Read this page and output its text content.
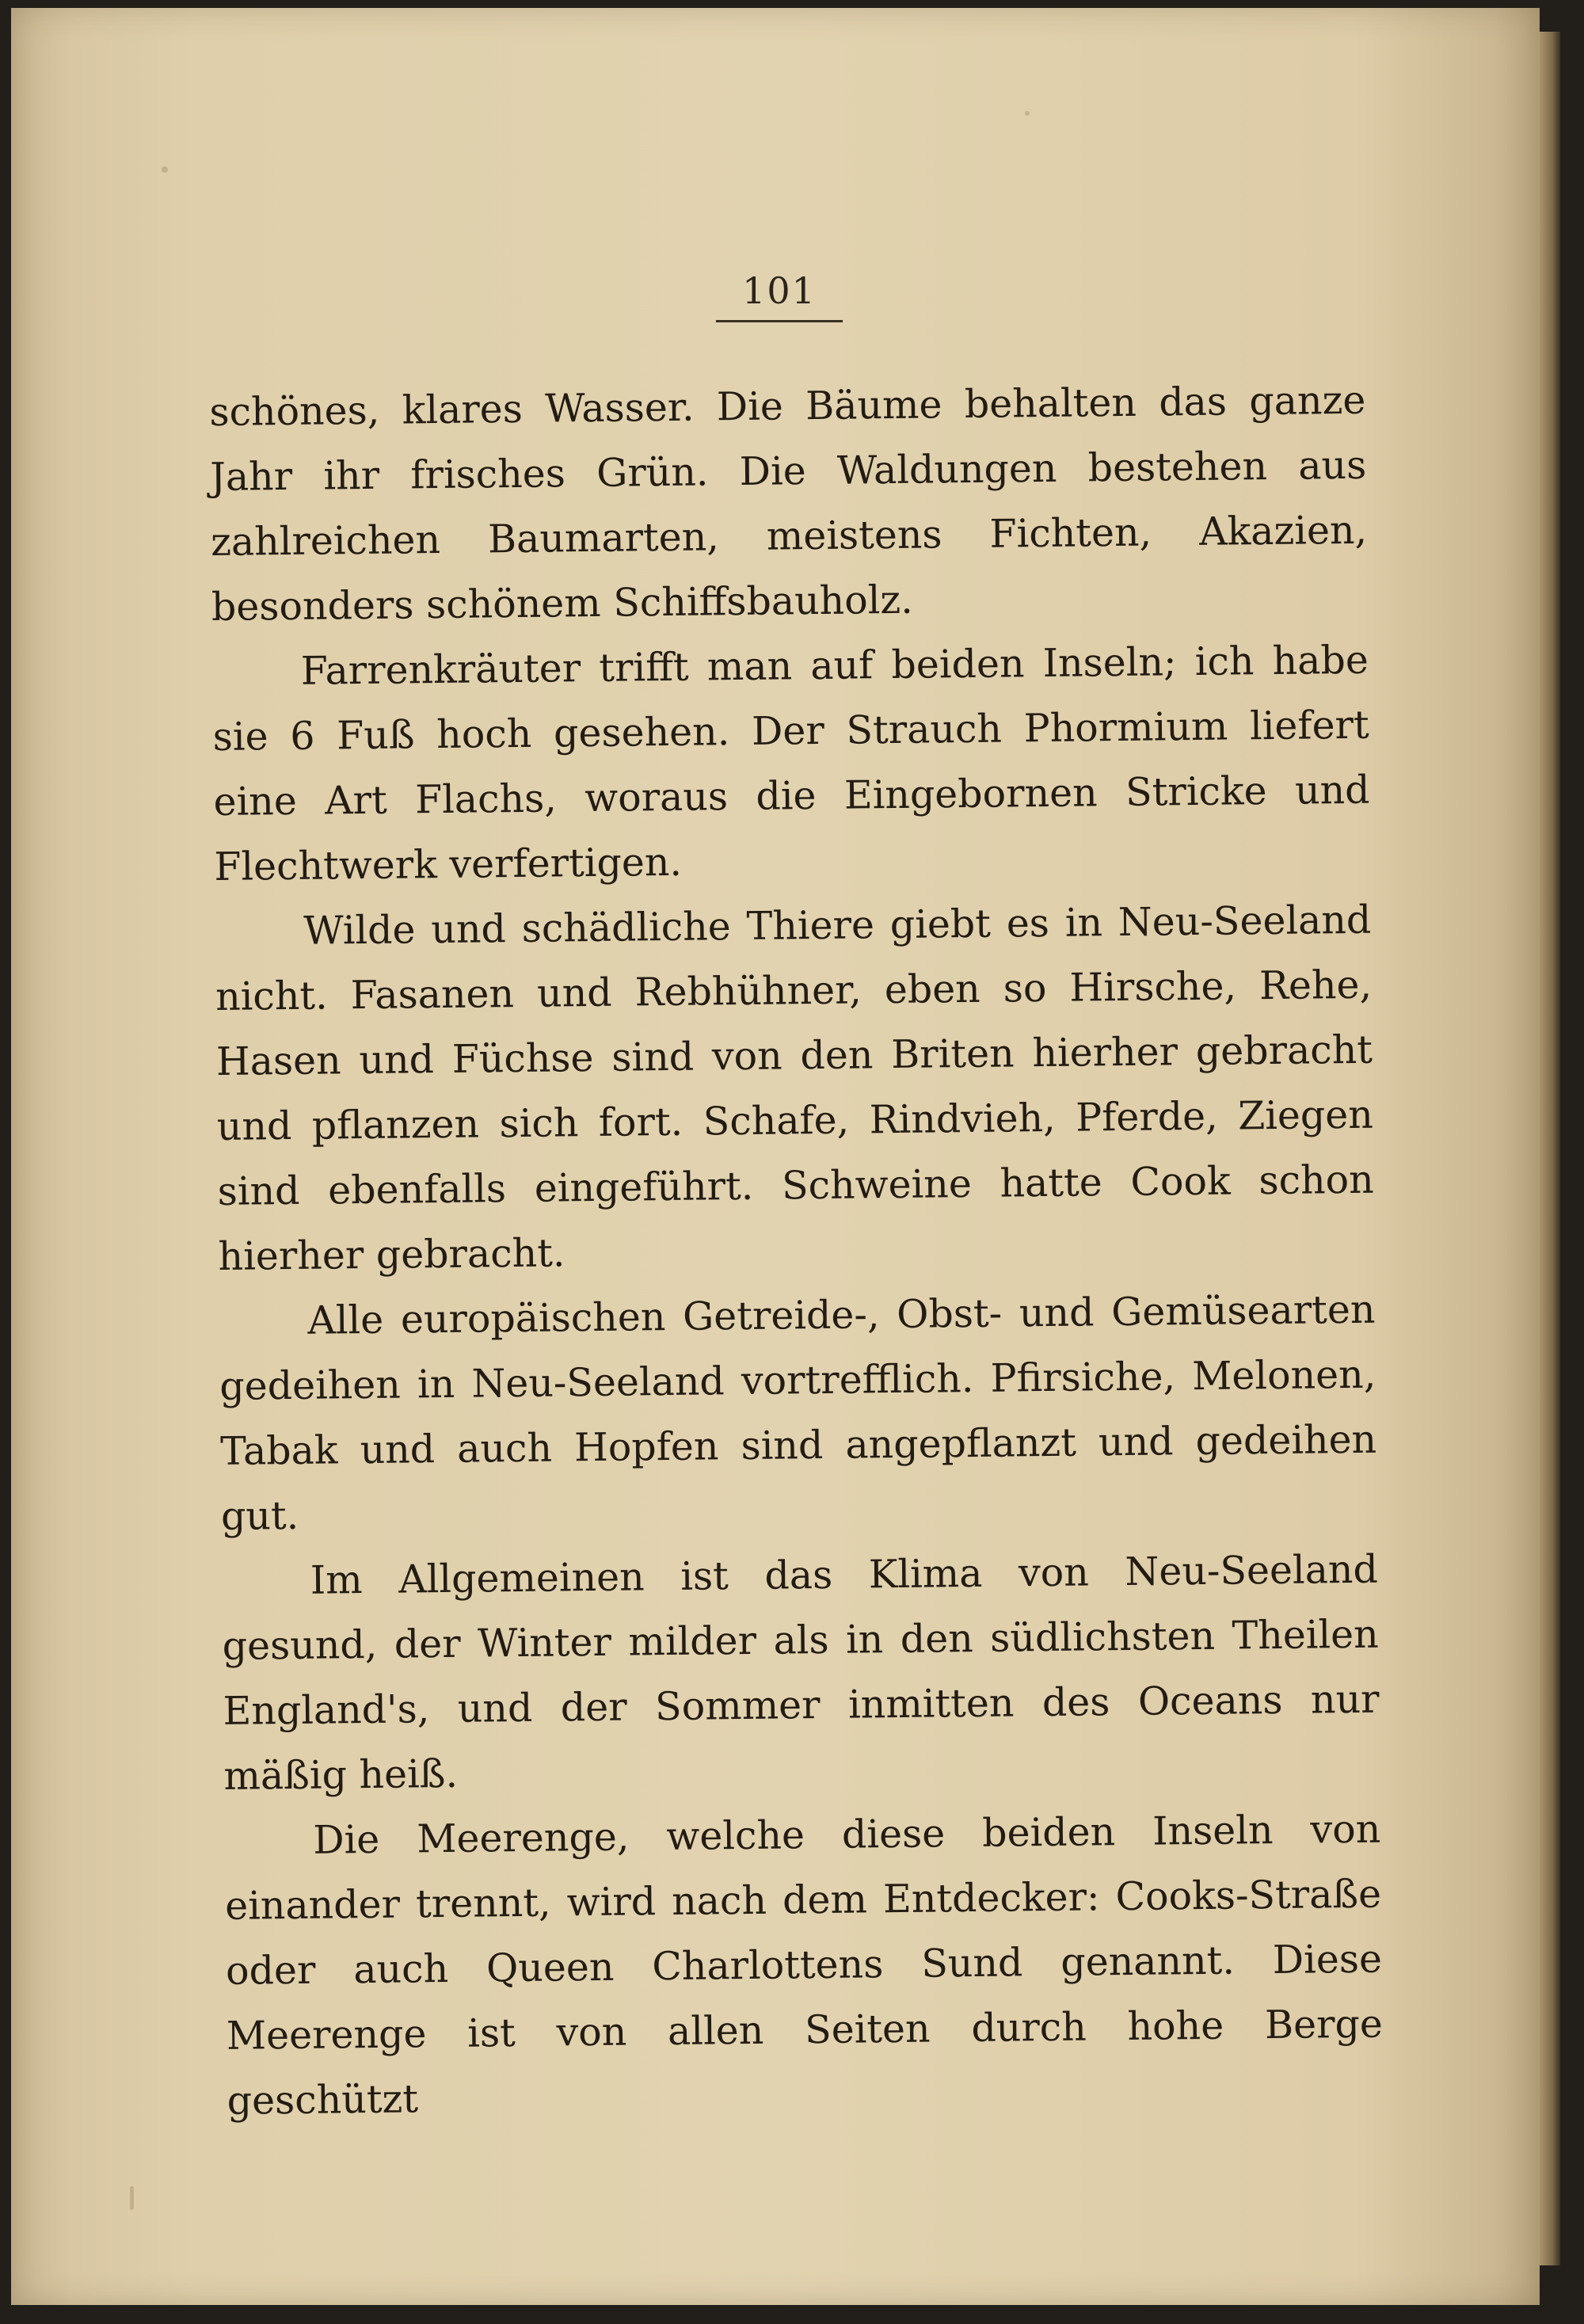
101

schönes, klares Wasser. Die Bäume behalten das ganze Jahr ihr frisches Grün. Die Waldungen bestehen aus zahlreichen Baumarten, meistens Fichten, Akazien, besonders schönem Schiffsbauholz.

Farrenkräuter trifft man auf beiden Inseln; ich habe sie 6 Fuß hoch gesehen. Der Strauch Phormium liefert eine Art Flachs, woraus die Eingebornen Stricke und Flechtwerk verfertigen.

Wilde und schädliche Thiere giebt es in Neu-Seeland nicht. Fasanen und Rebhühner, eben so Hirsche, Rehe, Hasen und Füchse sind von den Briten hierher gebracht und pflanzen sich fort. Schafe, Rindvieh, Pferde, Ziegen sind ebenfalls eingeführt. Schweine hatte Cook schon hierher gebracht.

Alle europäischen Getreide-, Obst- und Gemüsearten gedeihen in Neu-Seeland vortrefflich. Pfirsiche, Melonen, Tabak und auch Hopfen sind angepflanzt und gedeihen gut.

Im Allgemeinen ist das Klima von Neu-Seeland gesund, der Winter milder als in den südlichsten Theilen England's, und der Sommer inmitten des Oceans nur mäßig heiß.

Die Meerenge, welche diese beiden Inseln von einander trennt, wird nach dem Entdecker: Cooks-Straße oder auch Queen Charlottens Sund genannt. Diese Meerenge ist von allen Seiten durch hohe Berge geschützt
